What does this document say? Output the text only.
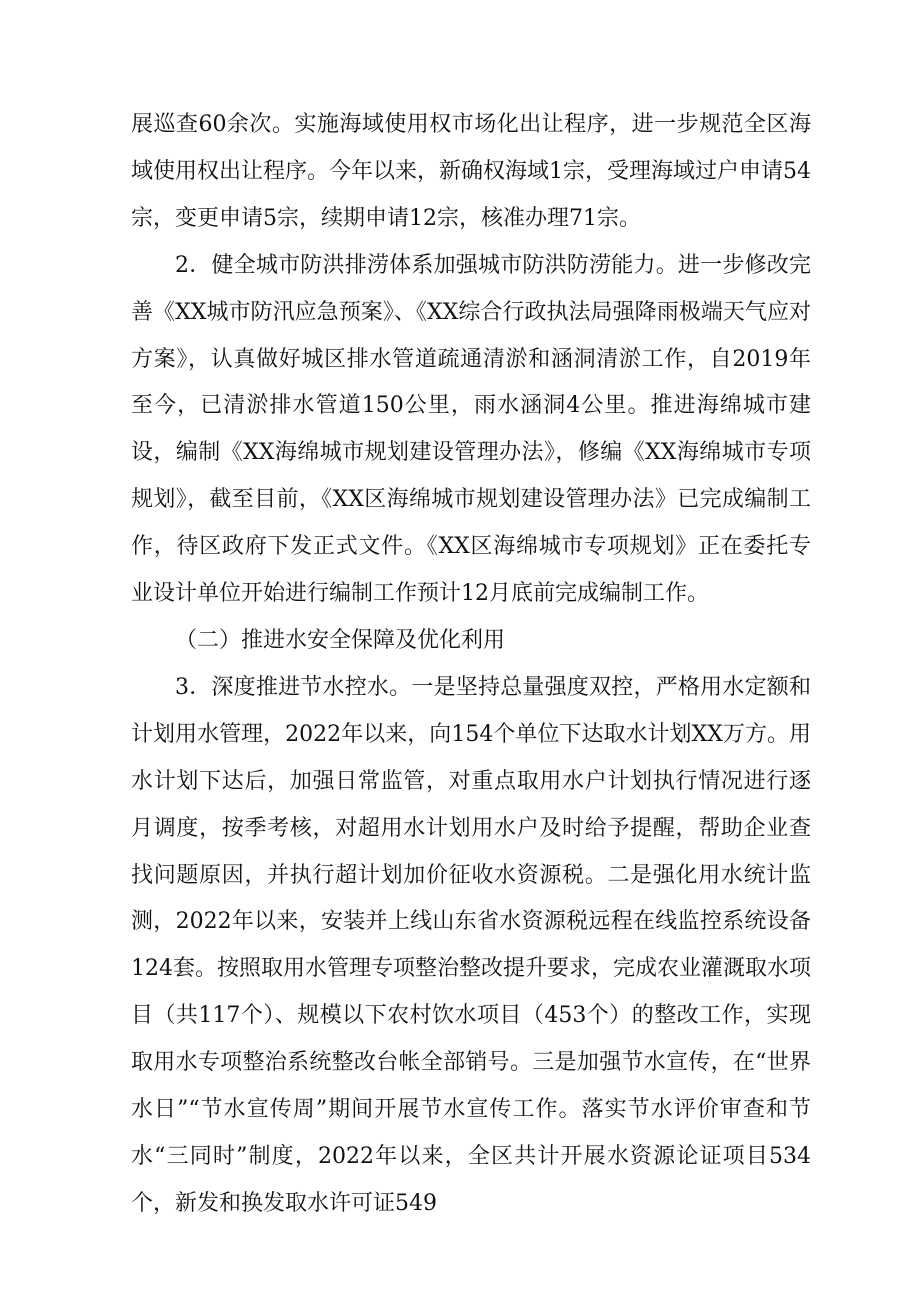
展巡查60余次。实施海域使用权市场化出让程序，进一步规范全区海域使用权出让程序。今年以来，新确权海域1宗，受理海域过户申请54宗，变更申请5宗，续期申请12宗，核准办理71宗。

2．健全城市防洪排涝体系加强城市防洪防涝能力。进一步修改完善《XX城市防汛应急预案》、《XX综合行政执法局强降雨极端天气应对方案》，认真做好城区排水管道疏通清淤和涵洞清淤工作，自2019年至今，已清淤排水管道150公里，雨水涵洞4公里。推进海绵城市建设，编制《XX海绵城市规划建设管理办法》，修编《XX海绵城市专项规划》，截至目前，《XX区海绵城市规划建设管理办法》已完成编制工作，待区政府下发正式文件。《XX区海绵城市专项规划》正在委托专业设计单位开始进行编制工作预计12月底前完成编制工作。

（二）推进水安全保障及优化利用

3．深度推进节水控水。一是坚持总量强度双控，严格用水定额和计划用水管理，2022年以来，向154个单位下达取水计划XX万方。用水计划下达后，加强日常监管，对重点取用水户计划执行情况进行逐月调度，按季考核，对超用水计划用水户及时给予提醒，帮助企业查找问题原因，并执行超计划加价征收水资源税。二是强化用水统计监测，2022年以来，安装并上线山东省水资源税远程在线监控系统设备124套。按照取用水管理专项整治整改提升要求，完成农业灌溉取水项目（共117个）、规模以下农村饮水项目（453个）的整改工作，实现取用水专项整治系统整改台帐全部销号。三是加强节水宣传，在“世界水日”“节水宣传周”期间开展节水宣传工作。落实节水评价审查和节水“三同时”制度，2022年以来，全区共计开展水资源论证项目534个，新发和换发取水许可证549
